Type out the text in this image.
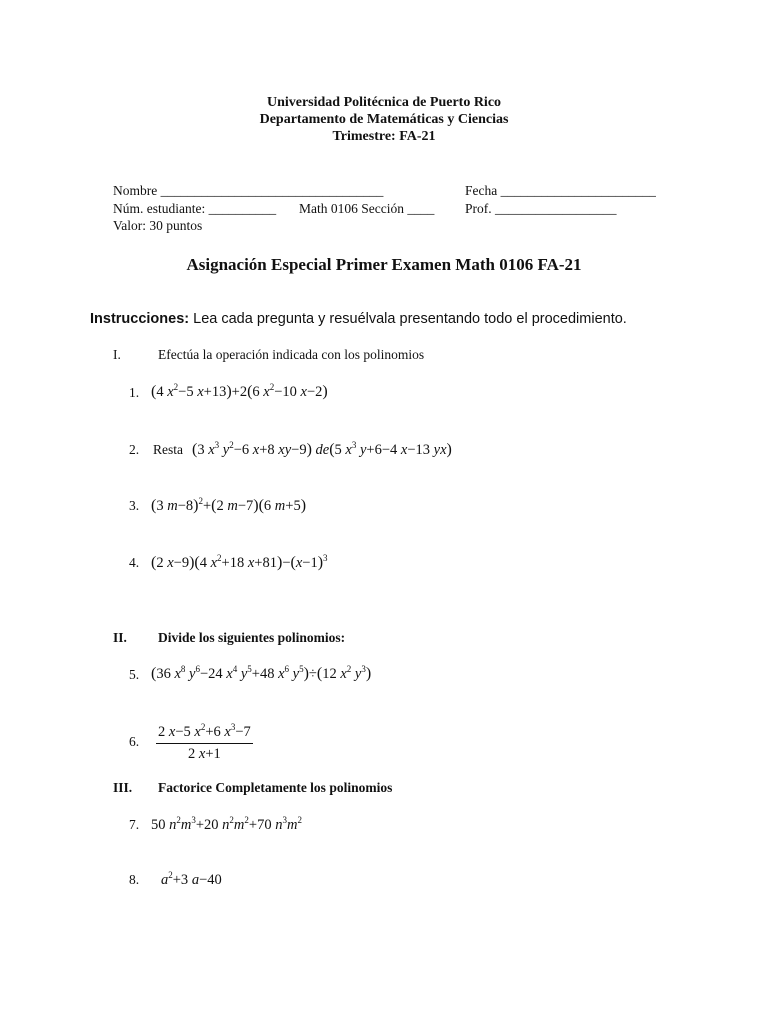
Universidad Politécnica de Puerto Rico
Departamento de Matemáticas y Ciencias
Trimestre: FA-21
Nombre _________________________________	Fecha _______________________
Núm. estudiante: __________ Math 0106 Sección ____ Prof. __________________
Valor: 30 puntos
Asignación Especial Primer Examen Math 0106 FA-21
Instrucciones: Lea cada pregunta y resuélvala presentando todo el procedimiento.
I.	Efectúa la operación indicada con los polinomios
1. (4 $x^2-5$ x+13)+2(6 $x^2-10$ x−2)
2. Resta (3 $x^3$ $y^2-6$ x+8 xy−9) de(5 $x^3$ y+6−4 x−13 yx)
3. (3 m−8)$^2$+(2 m−7)(6 m+5)
4. (2 x−9)(4 $x^2+18$ $x+81)-(x-1)^3$
II. Divide los siguientes polinomios:
5. (36 $x^8$ $y^6-24$ $x^4$ $y^5+48$ $x^6$ $y^5)\div(12$ $x^2$ $y^3$)
6. $\frac{2 x-5 x^2+6 x^3-7}{2 x+1}$
III. Factorice Completamente los polinomios
7. 50 $n^2m^3+20$ $n^2m^2+70$ $n^3m^2$
8. $a^2+3$ a−40
